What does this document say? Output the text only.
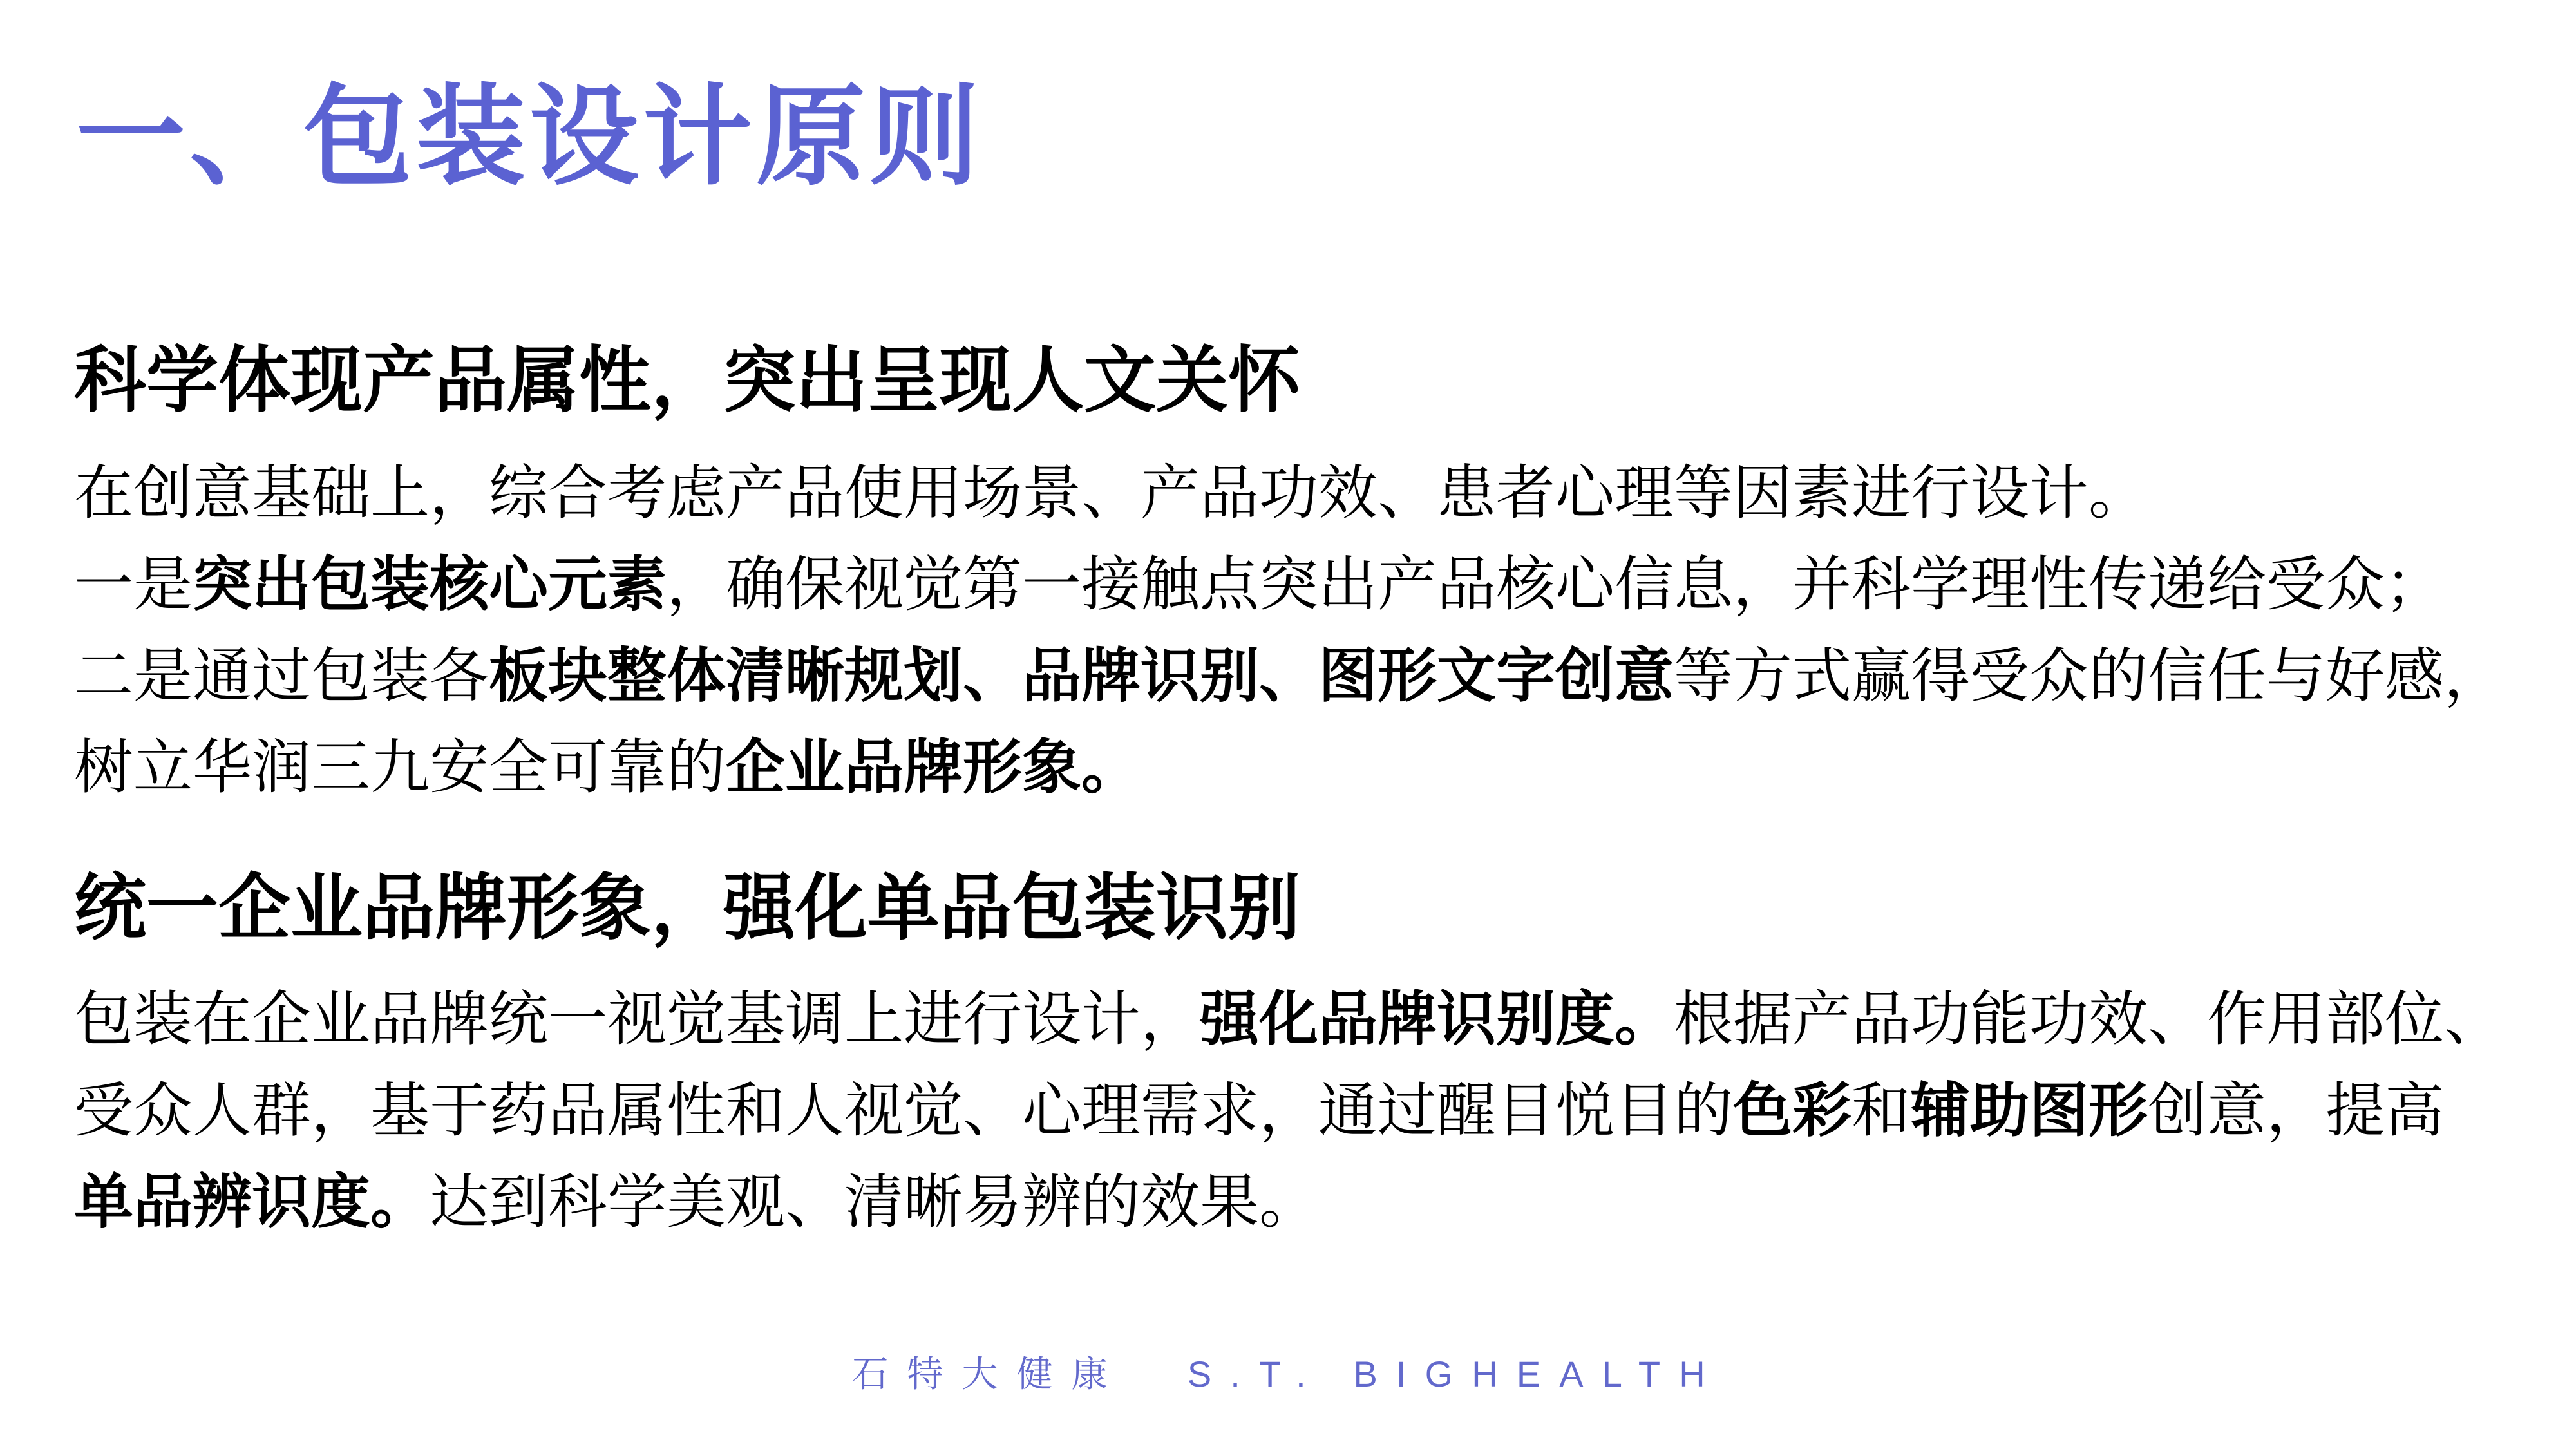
一、包装设计原则
科学体现产品属性，突出呈现人文关怀

在创意基础上，综合考虑产品使用场景、产品功效、患者心理等因素进行设计。

一是突出包装核心元素，确保视觉第一接触点突出产品核心信息，并科学理性传递给受众；

二是通过包装各板块整体清晰规划、品牌识别、图形文字创意等方式赢得受众的信任与好感，

树立华润三九安全可靠的企业品牌形象。

统一企业品牌形象，强化单品包装识别

包装在企业品牌统一视觉基调上进行设计，强化品牌识别度。根据产品功能功效、作用部位、

受众人群，基于药品属性和人视觉、心理需求，通过醒目悦目的色彩和辅助图形创意，提高

单品辨识度。达到科学美观、清晰易辨的效果。

石特大健康 S.T. BIGHEALTH
